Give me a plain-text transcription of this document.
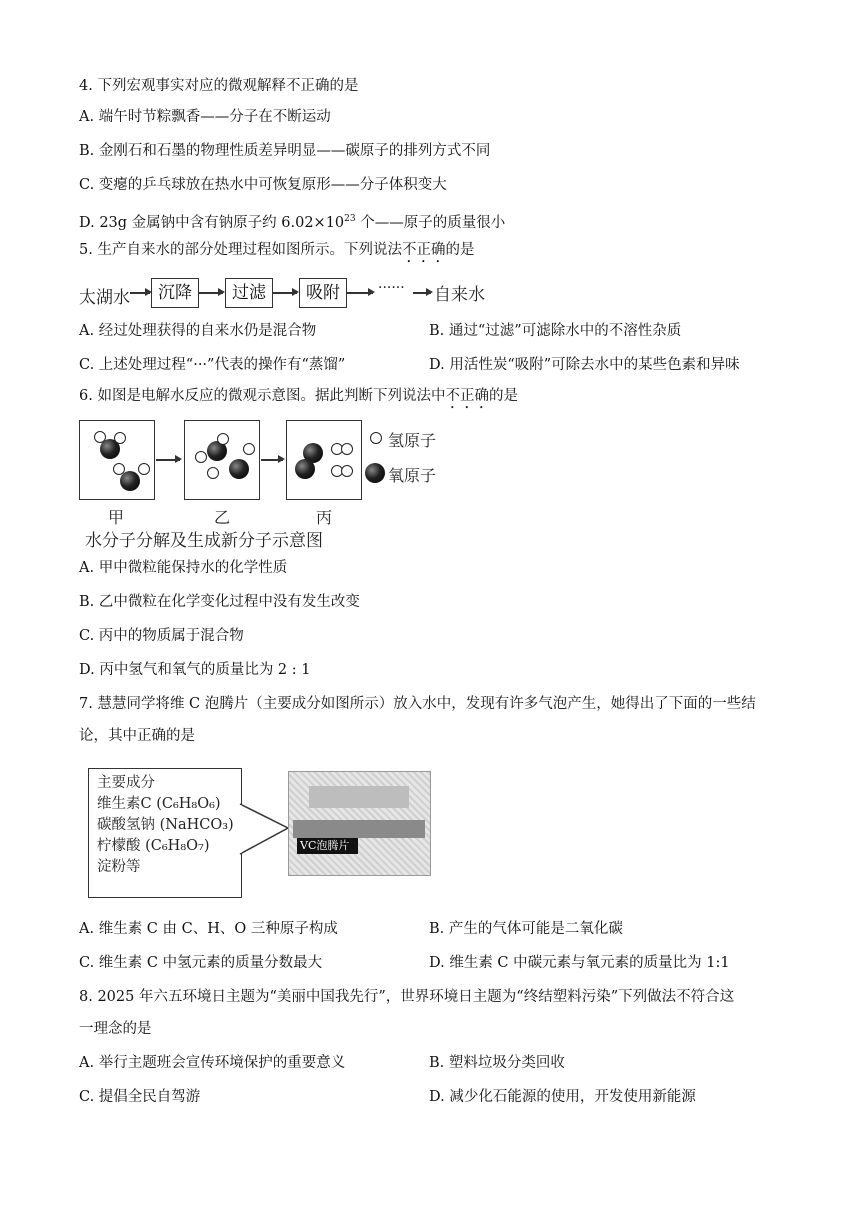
4. 下列宏观事实对应的微观解释不正确的是
A. 端午时节粽飘香——分子在不断运动
B. 金刚石和石墨的物理性质差异明显——碳原子的排列方式不同
C. 变瘪的乒乓球放在热水中可恢复原形——分子体积变大
D. 23g 金属钠中含有钠原子约 $6.02\times 10^{23}$ 个——原子的质量很小
5. 生产自来水的部分处理过程如图所示。下列说法不正确的是
太湖水	沉降	过滤	吸附	······ 自来水
A. 经过处理获得的自来水仍是混合物	B. 通过“过滤”可滤除水中的不溶性杂质
C. 上述处理过程“···”代表的操作有“蒸馏”	D. 用活性炭“吸附”可除去水中的某些色素和异味
6. 如图是电解水反应的微观示意图。据此判断下列说法中不正确的是
氢原子
氧原子
甲	乙	丙
水分子分解及生成新分子示意图
A. 甲中微粒能保持水的化学性质
B. 乙中微粒在化学变化过程中没有发生改变
C. 丙中的物质属于混合物
D. 丙中氢气和氧气的质量比为 2 : 1
7. 慧慧同学将维 C 泡腾片（主要成分如图所示）放入水中，发现有许多气泡产生，她得出了下面的一些结
论，其中正确的是
主要成分
维生素C (C₆H₈O₆)
碳酸氢钠 (NaHCO₃)
柠檬酸 (C₆H₈O₇)
淀粉等
VC泡腾片
A. 维生素 C 由 C、H、O 三种原子构成	B. 产生的气体可能是二氧化碳
C. 维生素 C 中氢元素的质量分数最大	D. 维生素 C 中碳元素与氧元素的质量比为 1:1
8. 2025 年六五环境日主题为“美丽中国我先行”，世界环境日主题为“终结塑料污染”下列做法不符合这
一理念的是
A. 举行主题班会宣传环境保护的重要意义	B. 塑料垃圾分类回收
C. 提倡全民自驾游	D. 减少化石能源的使用，开发使用新能源
